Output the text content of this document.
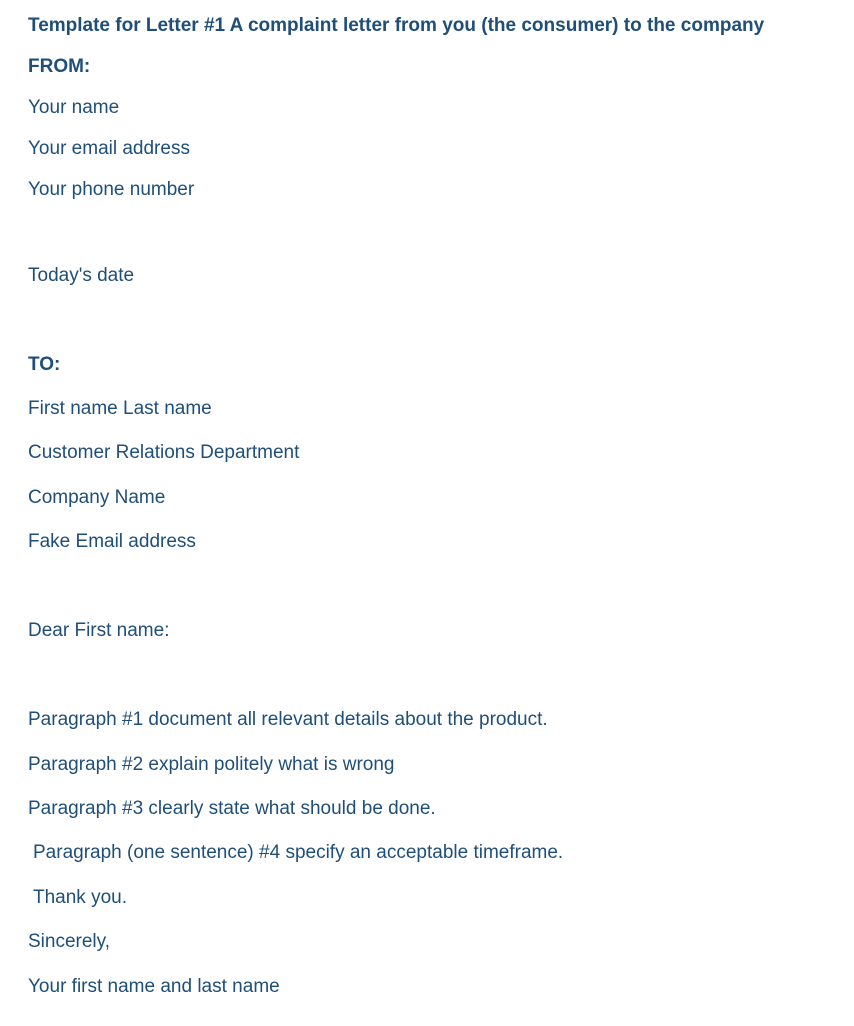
Template for Letter #1 A complaint letter from you (the consumer) to the company

FROM:

Your name

Your email address

Your phone number

Today's date

TO:

First name Last name

Customer Relations Department

Company Name

Fake Email address

Dear First name:

Paragraph #1 document all relevant details about the product.

Paragraph #2 explain politely what is wrong

Paragraph #3 clearly state what should be done.

Paragraph (one sentence) #4 specify an acceptable timeframe.

Thank you.

Sincerely,

Your first name and last name
